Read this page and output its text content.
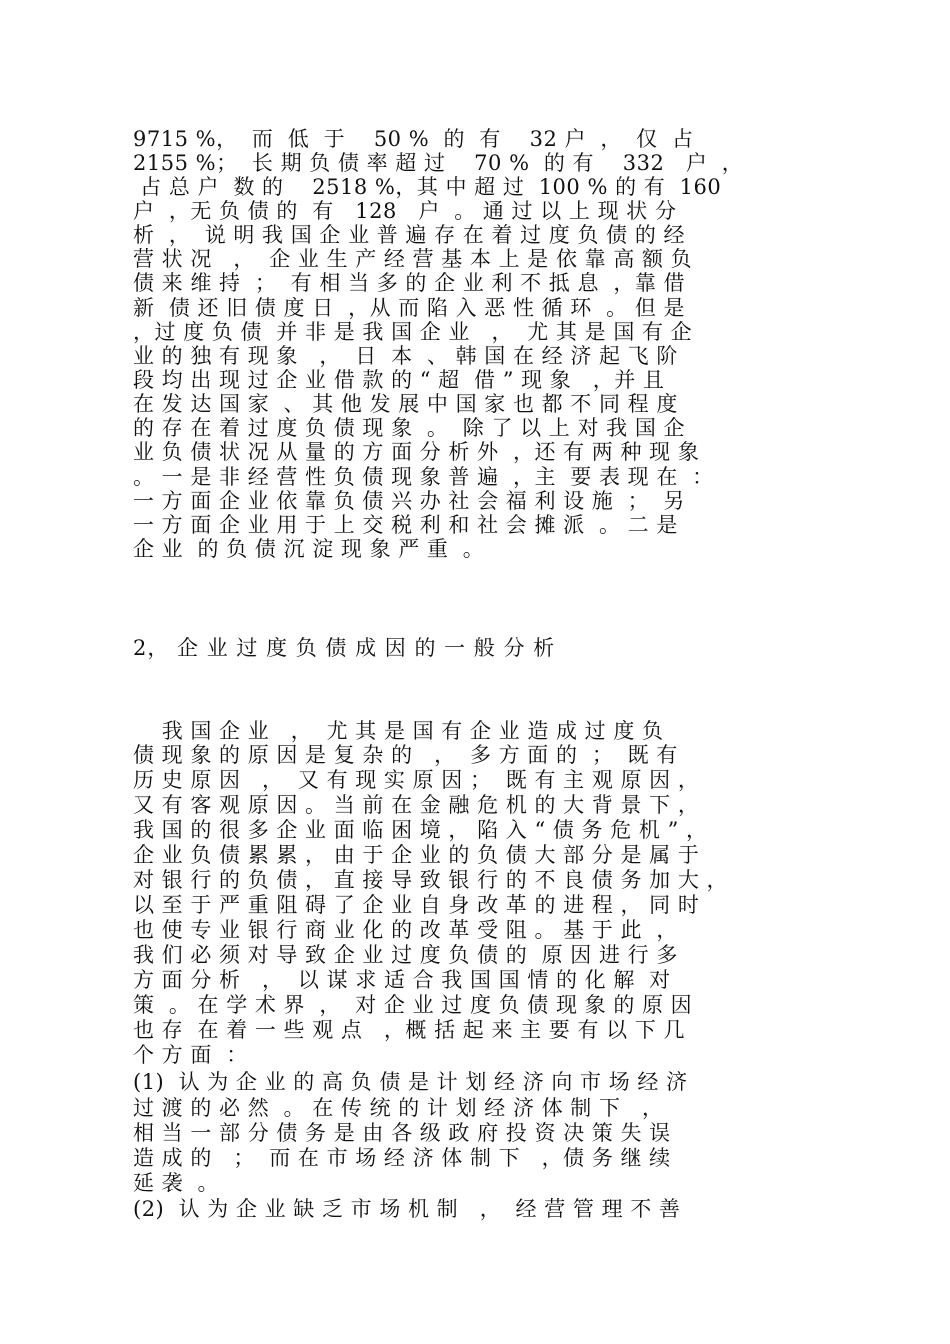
9715 %，  而  低  于    50 %  的  有    32 户  ，  仅  占
2155 %；  长 期 负 债 率 超 过    70 %  的 有    332   户  ，
占 总 户  数 的    2518 %，其 中 超 过  100 % 的 有  160
户  ，无 负 债 的  有   128   户  。 通 过 以 上 现 状 分
析  ，  说 明 我 国 企 业 普 遍 存 在 着 过 度 负 债 的 经
营 状 况   ，  企 业 生 产 经 营 基 本 上 是 依 靠 高 额 负
债 来 维 持  ；  有 相 当 多 的 企 业 利 不 抵 息  ，靠 借
新  债 还 旧 债 度 日  ，从 而 陷 入 恶 性 循 环  。 但 是
，过 度 负 债  并 非 是 我 国 企 业   ，  尤 其 是 国 有 企
业 的 独 有 现 象   ，  日  本  、 韩 国 在 经 济 起 飞 阶
段 均 出 现 过 企 业 借 款 的 “ 超  借 ” 现 象   ，并 且
在 发 达 国 家  、 其 他 发 展 中 国 家 也 都 不 同 程 度
的 存 在 着 过 度 负 债 现 象  。  除 了 以 上 对 我 国 企
业 负 债 状 况 从 量 的 方 面 分 析 外  ，还 有 两 种 现 象
。 一 是 非 经 营 性 负 债 现 象 普 遍  ，主  要 表 现 在  ：
一 方 面 企 业 依 靠 负 债 兴 办 社 会 福 利 设 施  ；  另
一 方 面 企 业 用 于 上 交 税 利 和 社 会 摊 派  。 二 是
企 业  的 负 债 沉 淀 现 象 严 重  。
2， 企 业 过 度 负 债 成 因 的 一 般 分 析
我 国 企 业   ，  尤 其 是 国 有 企 业 造 成 过 度 负
债 现 象 的 原 因 是 复 杂 的   ，  多 方 面 的  ；  既 有
历 史 原 因   ，  又 有 现 实 原 因 ；  既 有 主 观 原 因 ，
又 有 客 观 原 因 。 当 前 在 金 融 危 机 的 大 背 景 下 ，
我 国 的 很 多 企 业 面 临 困 境 ， 陷 入 “ 债 务 危 机 ” ，
企 业 负 债 累 累 ， 由 于 企 业 的 负 债 大 部 分 是 属 于
对 银 行 的 负 债 ， 直 接 导 致 银 行 的 不 良 债 务 加 大 ，
以 至 于 严 重 阻 碍 了 企 业 自 身 改 革 的 进 程 ， 同 时
也 使 专 业 银 行 商 业 化 的 改 革 受 阻 。 基 于 此  ，
我 们 必 须 对 导 致 企 业 过 度 负 债 的  原 因 进 行 多
方 面 分 析   ，  以 谋 求 适 合 我 国 国 情 的 化 解  对
策  。 在 学 术 界  ，  对 企 业 过 度 负 债 现 象 的 原 因
也 存  在 着 一 些 观 点   ，概 括 起 来 主 要 有 以 下 几
个 方 面  ：
(1)  认 为 企 业 的 高 负 债 是 计 划 经 济 向 市 场 经 济
过 渡 的 必 然  。 在 传 统 的 计 划 经 济 体 制 下   ，
相 当 一 部 分 债 务 是 由 各 级 政 府 投 资 决 策 失 误
造 成 的   ；  而 在 市 场 经 济 体 制 下   ，债 务 继 续
延 袭  。
(2)  认 为 企 业 缺 乏 市 场 机 制   ，  经 营 管 理 不 善
